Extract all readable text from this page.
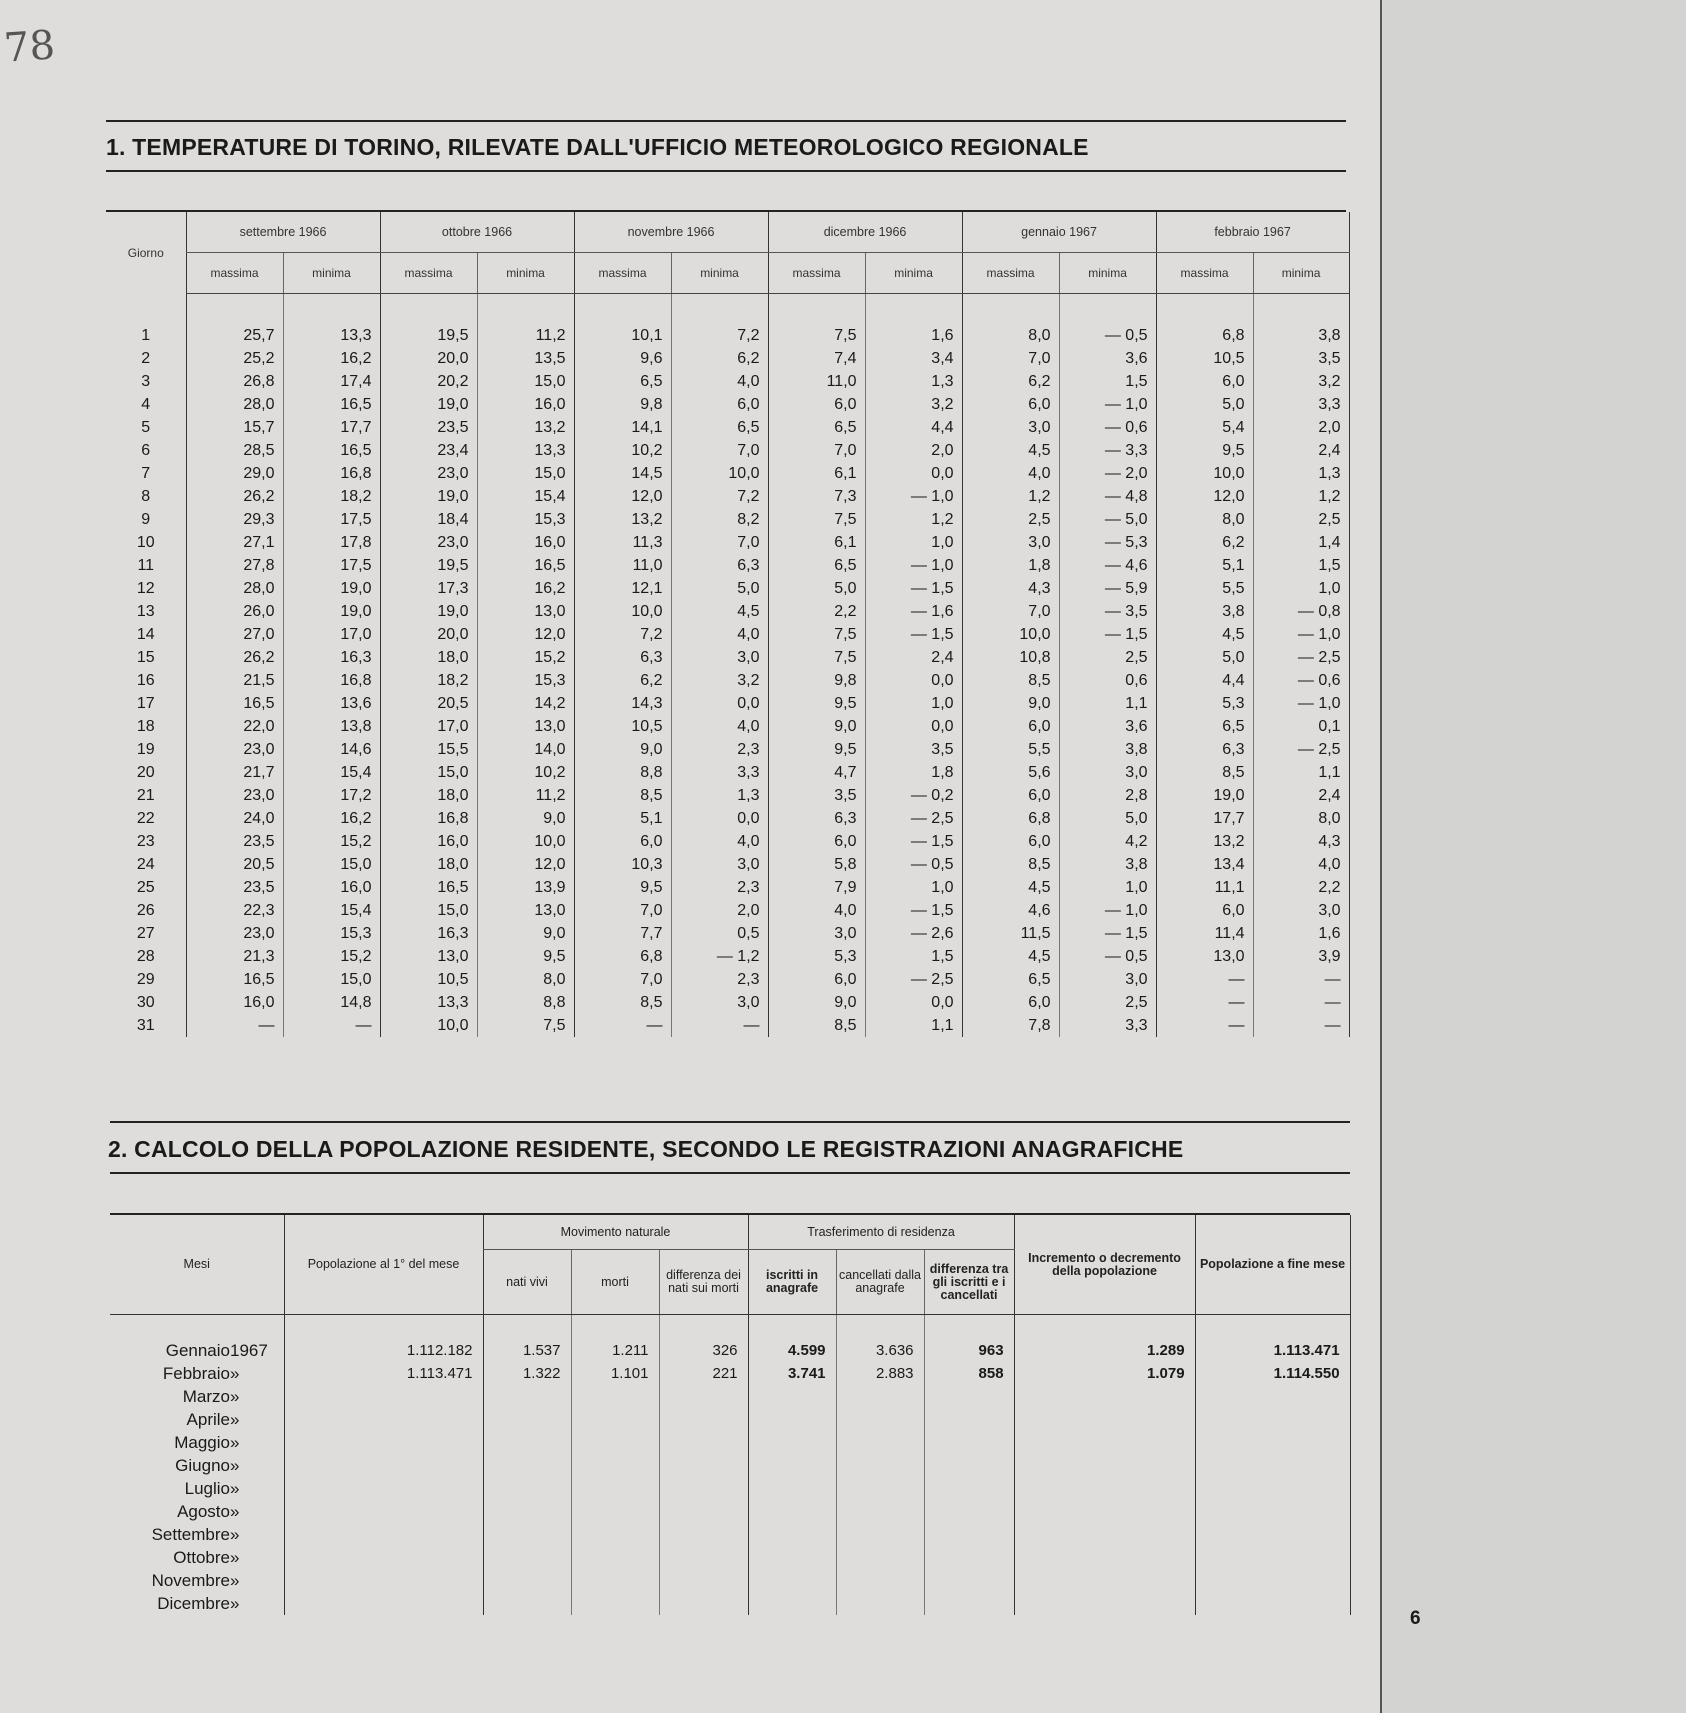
78
1. TEMPERATURE DI TORINO, RILEVATE DALL'UFFICIO METEOROLOGICO REGIONALE
Giorno	settembre 1966		ottobre 1966		novembre 1966		dicembre 1966		gennaio 1967		febbraio 1967	
	massima	minima	massima	minima	massima	minima	massima	minima	massima	minima	massima	minima

1	25,7	13,3	19,5	11,2	10,1	7,2	7,5	1,6	8,0	— 0,5	6,8	3,8
2	25,2	16,2	20,0	13,5	9,6	6,2	7,4	3,4	7,0	3,6	10,5	3,5
3	26,8	17,4	20,2	15,0	6,5	4,0	11,0	1,3	6,2	1,5	6,0	3,2
4	28,0	16,5	19,0	16,0	9,8	6,0	6,0	3,2	6,0	— 1,0	5,0	3,3
5	15,7	17,7	23,5	13,2	14,1	6,5	6,5	4,4	3,0	— 0,6	5,4	2,0
6	28,5	16,5	23,4	13,3	10,2	7,0	7,0	2,0	4,5	— 3,3	9,5	2,4
7	29,0	16,8	23,0	15,0	14,5	10,0	6,1	0,0	4,0	— 2,0	10,0	1,3
8	26,2	18,2	19,0	15,4	12,0	7,2	7,3	— 1,0	1,2	— 4,8	12,0	1,2
9	29,3	17,5	18,4	15,3	13,2	8,2	7,5	1,2	2,5	— 5,0	8,0	2,5
10	27,1	17,8	23,0	16,0	11,3	7,0	6,1	1,0	3,0	— 5,3	6,2	1,4
11	27,8	17,5	19,5	16,5	11,0	6,3	6,5	— 1,0	1,8	— 4,6	5,1	1,5
12	28,0	19,0	17,3	16,2	12,1	5,0	5,0	— 1,5	4,3	— 5,9	5,5	1,0
13	26,0	19,0	19,0	13,0	10,0	4,5	2,2	— 1,6	7,0	— 3,5	3,8	— 0,8
14	27,0	17,0	20,0	12,0	7,2	4,0	7,5	— 1,5	10,0	— 1,5	4,5	— 1,0
15	26,2	16,3	18,0	15,2	6,3	3,0	7,5	2,4	10,8	2,5	5,0	— 2,5
16	21,5	16,8	18,2	15,3	6,2	3,2	9,8	0,0	8,5	0,6	4,4	— 0,6
17	16,5	13,6	20,5	14,2	14,3	0,0	9,5	1,0	9,0	1,1	5,3	— 1,0
18	22,0	13,8	17,0	13,0	10,5	4,0	9,0	0,0	6,0	3,6	6,5	0,1
19	23,0	14,6	15,5	14,0	9,0	2,3	9,5	3,5	5,5	3,8	6,3	— 2,5
20	21,7	15,4	15,0	10,2	8,8	3,3	4,7	1,8	5,6	3,0	8,5	1,1
21	23,0	17,2	18,0	11,2	8,5	1,3	3,5	— 0,2	6,0	2,8	19,0	2,4
22	24,0	16,2	16,8	9,0	5,1	0,0	6,3	— 2,5	6,8	5,0	17,7	8,0
23	23,5	15,2	16,0	10,0	6,0	4,0	6,0	— 1,5	6,0	4,2	13,2	4,3
24	20,5	15,0	18,0	12,0	10,3	3,0	5,8	— 0,5	8,5	3,8	13,4	4,0
25	23,5	16,0	16,5	13,9	9,5	2,3	7,9	1,0	4,5	1,0	11,1	2,2
26	22,3	15,4	15,0	13,0	7,0	2,0	4,0	— 1,5	4,6	— 1,0	6,0	3,0
27	23,0	15,3	16,3	9,0	7,7	0,5	3,0	— 2,6	11,5	— 1,5	11,4	1,6
28	21,3	15,2	13,0	9,5	6,8	— 1,2	5,3	1,5	4,5	— 0,5	13,0	3,9
29	16,5	15,0	10,5	8,0	7,0	2,3	6,0	— 2,5	6,5	3,0	—	—
30	16,0	14,8	13,3	8,8	8,5	3,0	9,0	0,0	6,0	2,5	—	—
31	—	—	10,0	7,5	—	—	8,5	1,1	7,8	3,3	—	—
2. CALCOLO DELLA POPOLAZIONE RESIDENTE, SECONDO LE REGISTRAZIONI ANAGRAFICHE
Mesi	Popolazione al 1° del mese	Movimento naturale			Trasferimento di residenza			Incremento o decremento della popolazione	Popolazione a fine mese
		nati vivi	morti	differenza dei nati sui morti	iscritti in anagrafe	cancellati dalla anagrafe	differenza tra gli iscritti e i cancellati		

Gennaio 1967	1.112.182	1.537	1.211	326	4.599	3.636	963	1.289	1.113.471

Febbraio »	1.113.471	1.322	1.101	221	3.741	2.883	858	1.079	1.114.550

Marzo »									

Aprile »									

Maggio »									

Giugno »									

Luglio »									

Agosto »									

Settembre »									

Ottobre »									

Novembre »									

Dicembre »									

6
